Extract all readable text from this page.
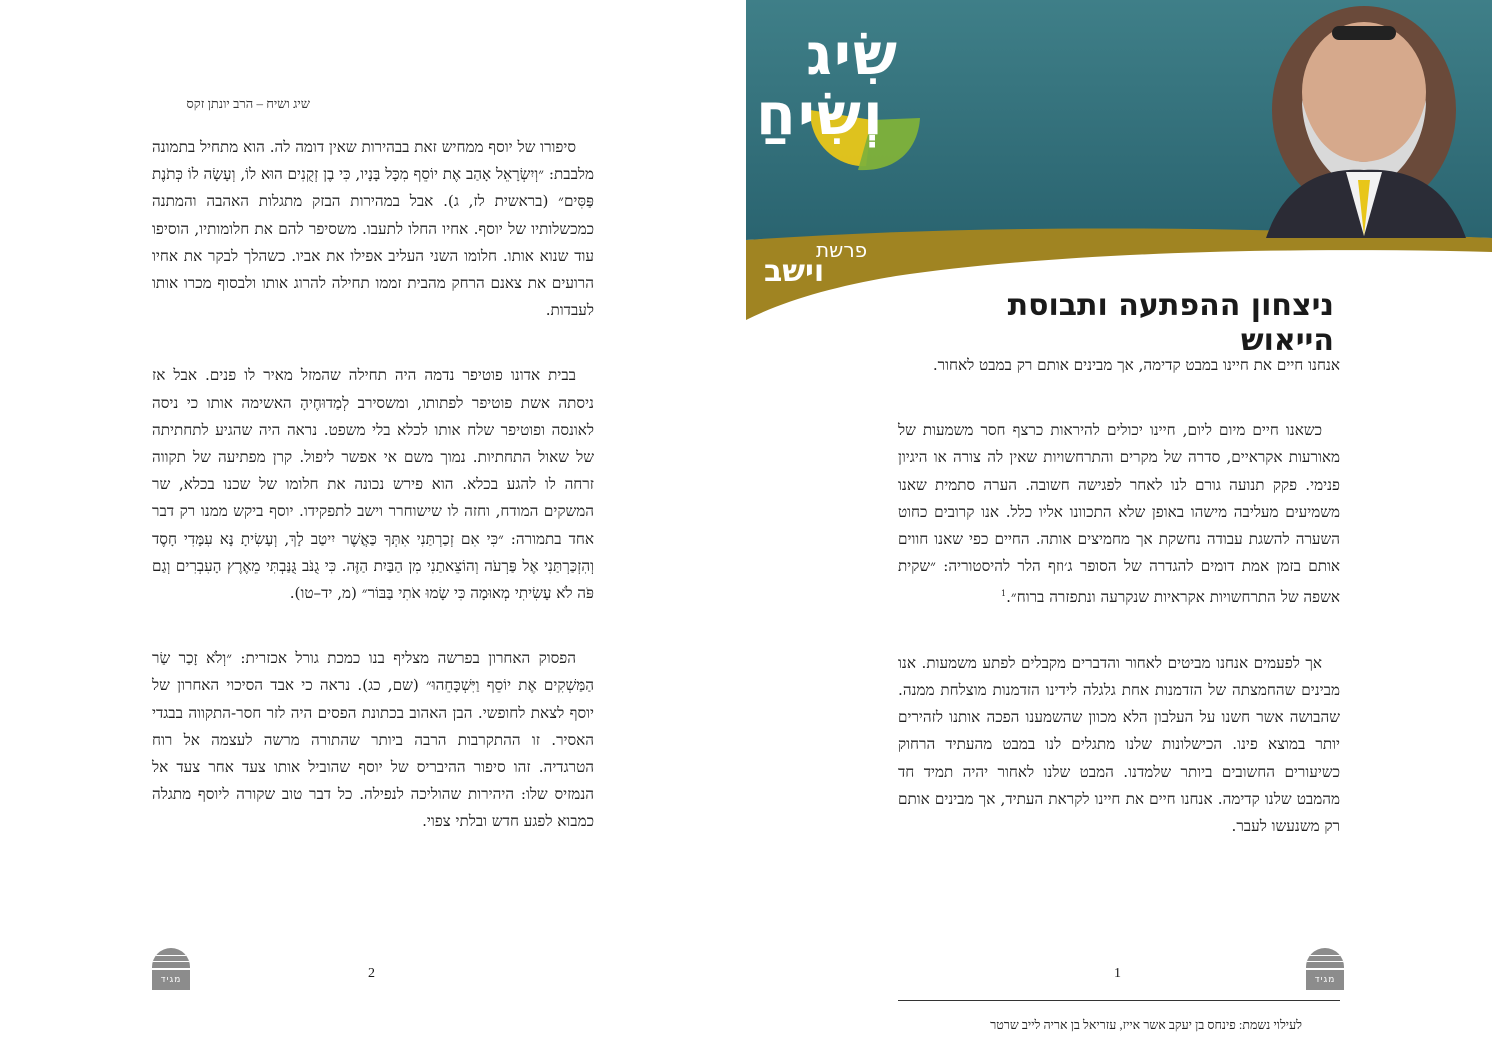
שיג ושיח – הרב יונתן זקס

סיפורו של יוסף ממחיש זאת בבהירות שאין דומה לה. הוא מתחיל בתמונה מלבבת: ״וְיִשְׂרָאֵל אָהַב אֶת יוֹסֵף מִכָּל בָּנָיו, כִּי בֶן זְקֻנִים הוּא לוֹ, וְעָשָׂה לוֹ כְּתֹנֶת פַּסִּים״ (בראשית לז, ג). אבל במהירות הבזק מתגלות האהבה והמתנה כמכשלותיו של יוסף. אחיו החלו לתעבו. משסיפר להם את חלומותיו, הוסיפו עוד שנוא אותו. חלומו השני העליב אפילו את אביו. כשהלך לבקר את אחיו הרועים את צאנם הרחק מהבית זממו תחילה להרוג אותו ולבסוף מכרו אותו לעבדות.

בבית אדונו פוטיפר נדמה היה תחילה שהמזל מאיר לו פנים. אבל אז ניסתה אשת פוטיפר לפתותו, ומשסירב לְמַדוּחֶיהָ האשימה אותו כי ניסה לאונסה ופוטיפר שלח אותו לכלא בלי משפט. נראה היה שהגיע לתחתיתה של שאול התחתיות. נמוך משם אי אפשר ליפול. קרן מפתיעה של תקווה זרחה לו להגע בכלא. הוא פירש נכונה את חלומו של שכנו בכלא, שר המשקים המודח, וחזה לו שישוחרר וישב לתפקידו. יוסף ביקש ממנו רק דבר אחד בתמורה: ״כִּי אִם זְכַרְתַּנִי אִתְּךָ כַּאֲשֶׁר יִיטַב לָךְ, וְעָשִׂיתָ נָּא עִמָּדִי חָסֶד וְהִזְכַּרְתַּנִי אֶל פַּרְעֹה וְהוֹצֵאתַנִי מִן הַבַּיִת הַזֶּה. כִּי גֻנֹּב גֻּנַּבְתִּי מֵאֶרֶץ הָעִבְרִים וְגַם פֹּה לֹא עָשִׂיתִי מְאוּמָה כִּי שָׂמוּ אֹתִי בַּבּוֹר״ (מ, יד–טו).

הפסוק האחרון בפרשה מצליף בנו כמכת גורל אכזרית: ״וְלֹא זָכַר שַׂר הַמַּשְׁקִים אֶת יוֹסֵף וַיִּשְׁכָּחֵהוּ״ (שם, כג). נראה כי אבד הסיכוי האחרון של יוסף לצאת לחופשי. הבן האהוב בכתונת הפסים היה לזר חסר-התקווה בבגדי האסיר. זו ההתקרבות הרבה ביותר שהתורה מרשה לעצמה אל רוח הטרגדיה. זהו סיפור ההיבריס של יוסף שהוביל אותו צעד אחר צעד אל הנמזיס שלו: היהירות שהוליכה לנפילה. כל דבר טוב שקורה ליוסף מתגלה כמבוא לפגע חדש ובלתי צפוי.

מגיד	2
שִׂיג
וְשִׂיחַ
פרשת
וישב
ניצחון ההפתעה ותבוסת הייאוש

אנחנו חיים את חיינו במבט קדימה, אך מבינים אותם רק במבט לאחור.

כשאנו חיים מיום ליום, חיינו יכולים להיראות כרצף חסר משמעות של מאורעות אקראיים, סדרה של מקרים והתרחשויות שאין לה צורה או היגיון פנימי. פקק תנועה גורם לנו לאחר לפגישה חשובה. הערה סתמית שאנו משמיעים מעליבה מישהו באופן שלא התכוונו אליו כלל. אנו קרובים כחוט השערה להשגת עבודה נחשקת אך מחמיצים אותה. החיים כפי שאנו חווים אותם בזמן אמת דומים להגדרה של הסופר ג׳וזף הלר להיסטוריה: ״שקית אשפה של התרחשויות אקראיות שנקרעה ונתפזרה ברוח״.$^1$

אך לפעמים אנחנו מביטים לאחור והדברים מקבלים לפתע משמעות. אנו מבינים שהחמצתה של הזדמנות אחת גלגלה לידינו הזדמנות מוצלחת ממנה. שהבושה אשר חשנו על העלבון הלא מכוון שהשמענו הפכה אותנו לזהירים יותר במוצא פינו. הכישלונות שלנו מתגלים לנו במבט מהעתיד הרחוק כשיעורים החשובים ביותר שלמדנו. המבט שלנו לאחור יהיה תמיד חד מהמבט שלנו קדימה. אנחנו חיים את חיינו לקראת העתיד, אך מבינים אותם רק משנעשו לעבר.

מגיד
1
לעילוי נשמת: פינחס בן יעקב אשר אייז, עזריאל בן אריה לייב שרטר
